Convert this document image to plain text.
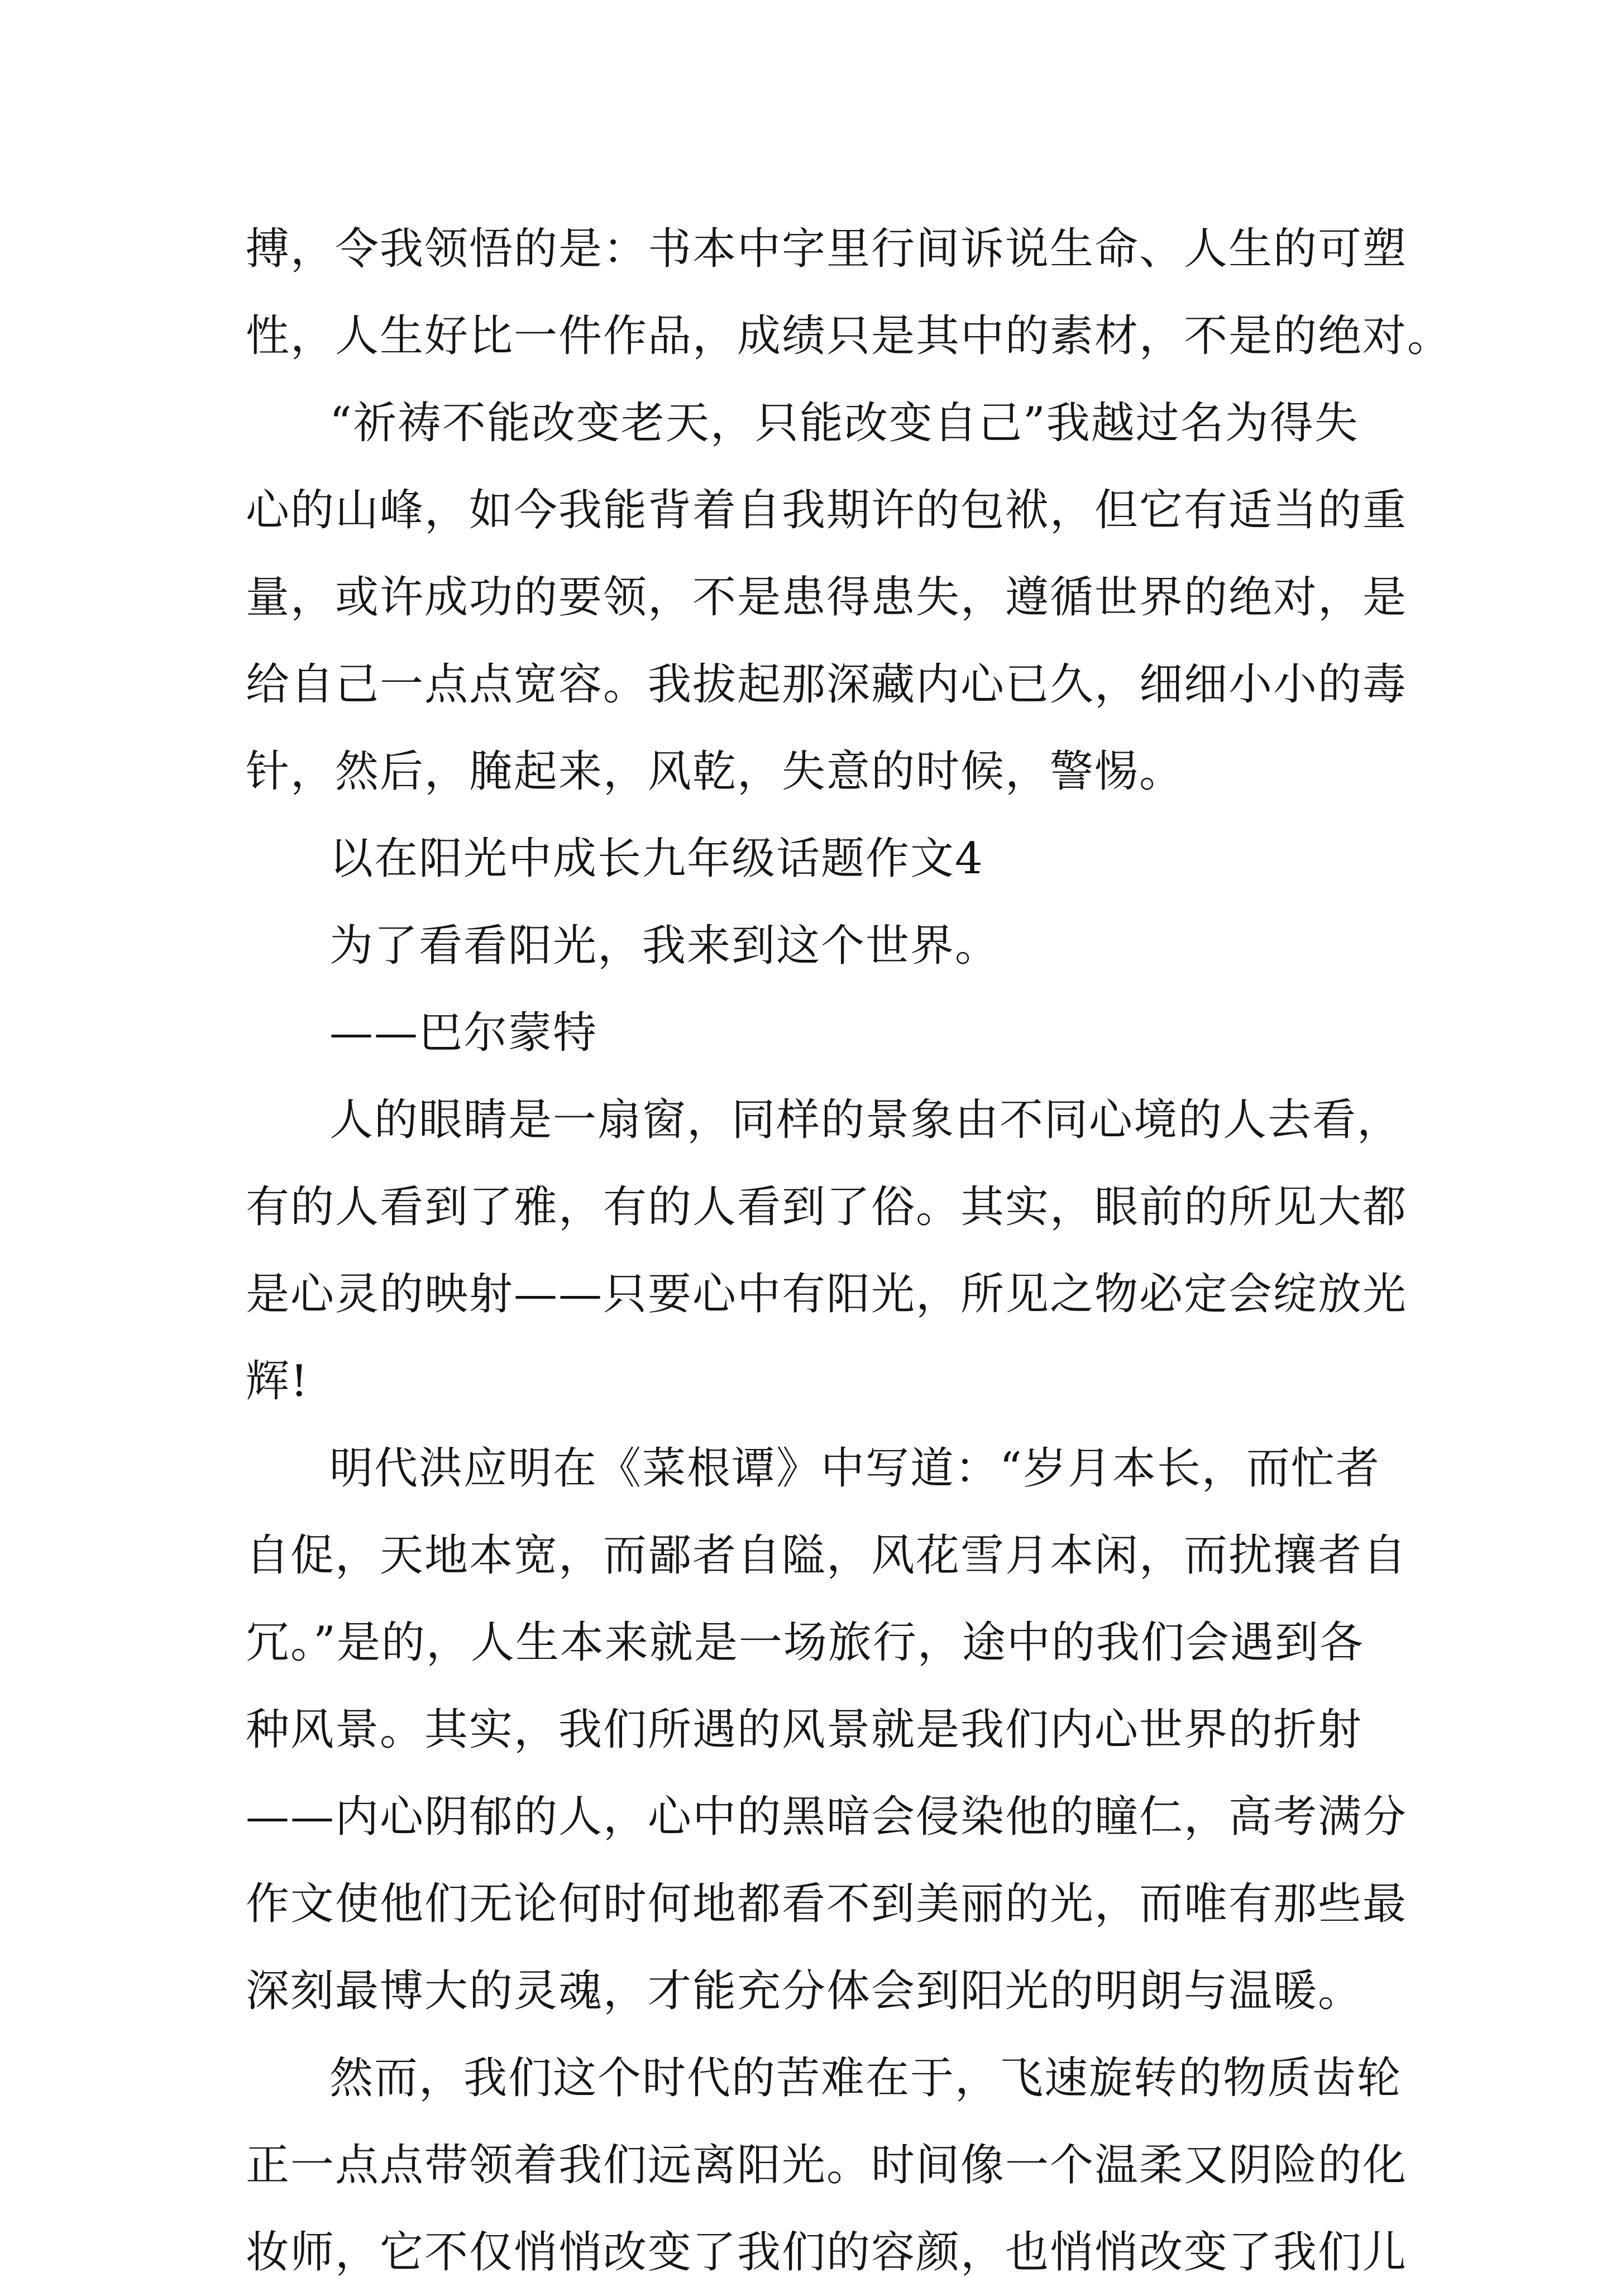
搏，令我领悟的是：书本中字里行间诉说生命、人生的可塑
性，人生好比一件作品，成绩只是其中的素材，不是的绝对。
“祈祷不能改变老天，只能改变自己”我越过名为得失
心的山峰，如今我能背着自我期许的包袱，但它有适当的重
量，或许成功的要领，不是患得患失，遵循世界的绝对，是
给自己一点点宽容。我拔起那深藏内心已久，细细小小的毒
针，然后，腌起来，风乾，失意的时候，警惕。
以在阳光中成长九年级话题作文4
为了看看阳光，我来到这个世界。
——巴尔蒙特
人的眼睛是一扇窗，同样的景象由不同心境的人去看，
有的人看到了雅，有的人看到了俗。其实，眼前的所见大都
是心灵的映射——只要心中有阳光，所见之物必定会绽放光
辉!
明代洪应明在《菜根谭》中写道：“岁月本长，而忙者
自促，天地本宽，而鄙者自隘，风花雪月本闲，而扰攘者自
冗。”是的，人生本来就是一场旅行，途中的我们会遇到各
种风景。其实，我们所遇的风景就是我们内心世界的折射
——内心阴郁的人，心中的黑暗会侵染他的瞳仁，高考满分
作文使他们无论何时何地都看不到美丽的光，而唯有那些最
深刻最博大的灵魂，才能充分体会到阳光的明朗与温暖。
然而，我们这个时代的苦难在于，飞速旋转的物质齿轮
正一点点带领着我们远离阳光。时间像一个温柔又阴险的化
妆师，它不仅悄悄改变了我们的容颜，也悄悄改变了我们儿
